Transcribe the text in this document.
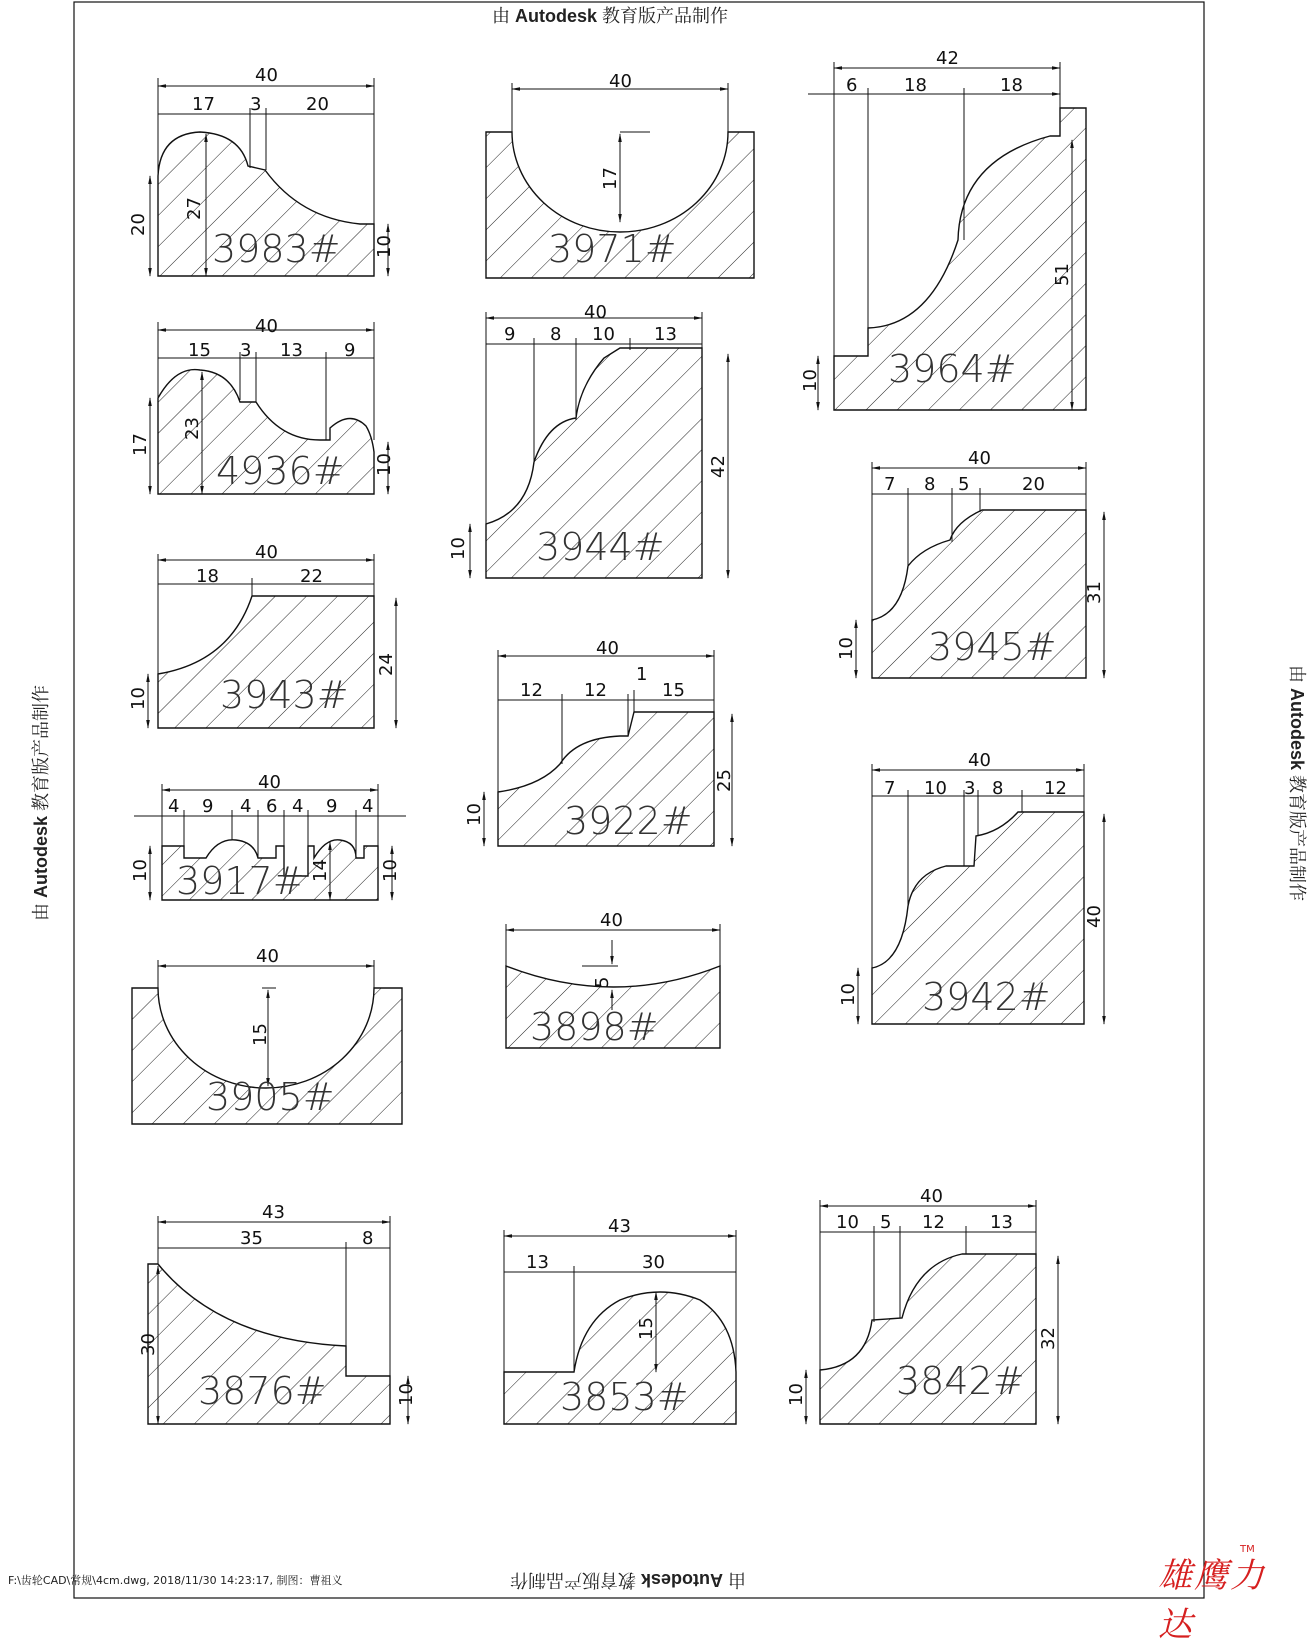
40
17 3 20
20
27
10
3983#
40
17
3971#
42
6	18	18
51
10 3964#
40
15 3 13 9
17
23
10
4936#
40
9 8 10 13
42
10 3944#
40
18	22
24
10 3943#
40
7 8 5	20
31
10 3945#
40
4 9 4 6 4 9 4
10	14	10
3917#
40
12 12
1
15
25
10 3922#
40
7 10 3 8 12
40
10 3942#
40
5
3898#
40
15
3905#
43
35	8
30
10
3876#
43
13	30
15
3853#
40
10 5 12	13
32
10 3842#
由 Autodesk 教育版产品制作
由 Autodesk 教育版产品制作
由 Autodesk 教育版产品制作
由 Autodesk 教育版产品制作
F:\齿轮CAD\常规\4cm.dwg, 2018/11/30 14:23:17, 制图：曹祖义	雄鹰力达
TM
